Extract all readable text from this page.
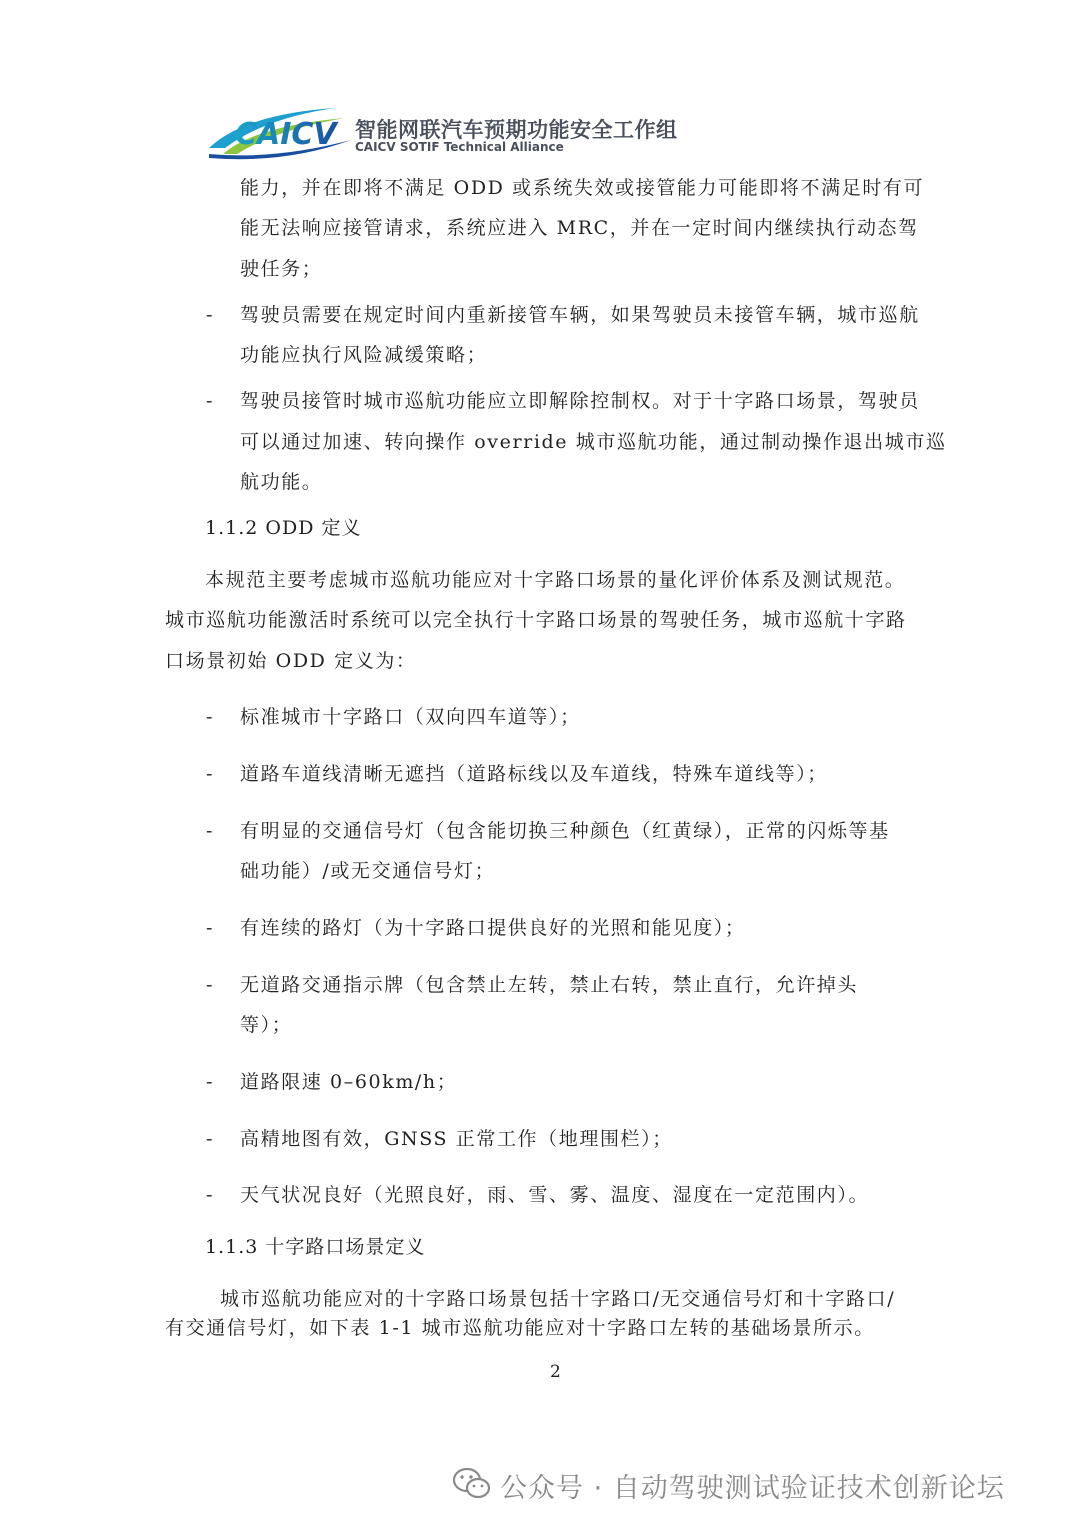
CAICV 智能网联汽车预期功能安全工作组
CAICV SOTIF Technical Alliance
能力，并在即将不满足 ODD 或系统失效或接管能力可能即将不满足时有可
能无法响应接管请求，系统应进入 MRC，并在一定时间内继续执行动态驾
驶任务；
- 驾驶员需要在规定时间内重新接管车辆，如果驾驶员未接管车辆，城市巡航
功能应执行风险减缓策略；
- 驾驶员接管时城市巡航功能应立即解除控制权。对于十字路口场景，驾驶员
可以通过加速、转向操作 override 城市巡航功能，通过制动操作退出城市巡
航功能。
1.1.2 ODD 定义
本规范主要考虑城市巡航功能应对十字路口场景的量化评价体系及测试规范。
城市巡航功能激活时系统可以完全执行十字路口场景的驾驶任务，城市巡航十字路
口场景初始 ODD 定义为：
- 标准城市十字路口（双向四车道等）；
- 道路车道线清晰无遮挡（道路标线以及车道线，特殊车道线等）；
- 有明显的交通信号灯（包含能切换三种颜色（红黄绿），正常的闪烁等基
础功能）/或无交通信号灯；
- 有连续的路灯（为十字路口提供良好的光照和能见度）；
- 无道路交通指示牌（包含禁止左转，禁止右转，禁止直行，允许掉头
等）；
- 道路限速 0–60km/h；
- 高精地图有效，GNSS 正常工作（地理围栏）；
- 天气状况良好（光照良好，雨、雪、雾、温度、湿度在一定范围内）。
1.1.3 十字路口场景定义
城市巡航功能应对的十字路口场景包括十字路口/无交通信号灯和十字路口/
有交通信号灯，如下表 1-1 城市巡航功能应对十字路口左转的基础场景所示。
2
公众号 · 自动驾驶测试验证技术创新论坛
